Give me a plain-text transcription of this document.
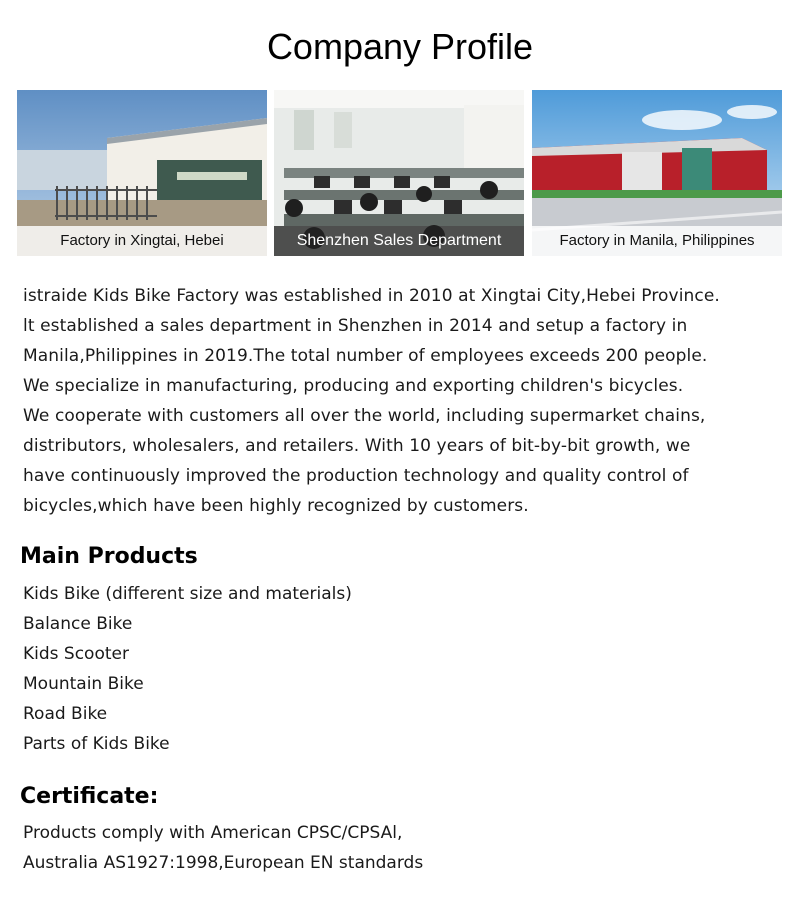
Company Profile
Factory in Xingtai, Hebei	Shenzhen Sales Department	Factory in Manila, Philippines
istraide Kids Bike Factory was established in 2010 at Xingtai City,Hebei Province.
lt established a sales department in Shenzhen in 2014 and setup a factory in
Manila,Philippines in 2019.The total number of employees exceeds 200 people.
We specialize in manufacturing, producing and exporting children's bicycles.
We cooperate with customers all over the world, including supermarket chains,
distributors, wholesalers, and retailers. With 10 years of bit-by-bit growth, we
have continuously improved the production technology and quality control of
bicycles,which have been highly recognized by customers.
Main Products
Kids Bike (different size and materials)
Balance Bike
Kids Scooter
Mountain Bike
Road Bike
Parts of Kids Bike
Certificate:
Products comply with American CPSC/CPSAl,
Australia AS1927:1998,European EN standards
